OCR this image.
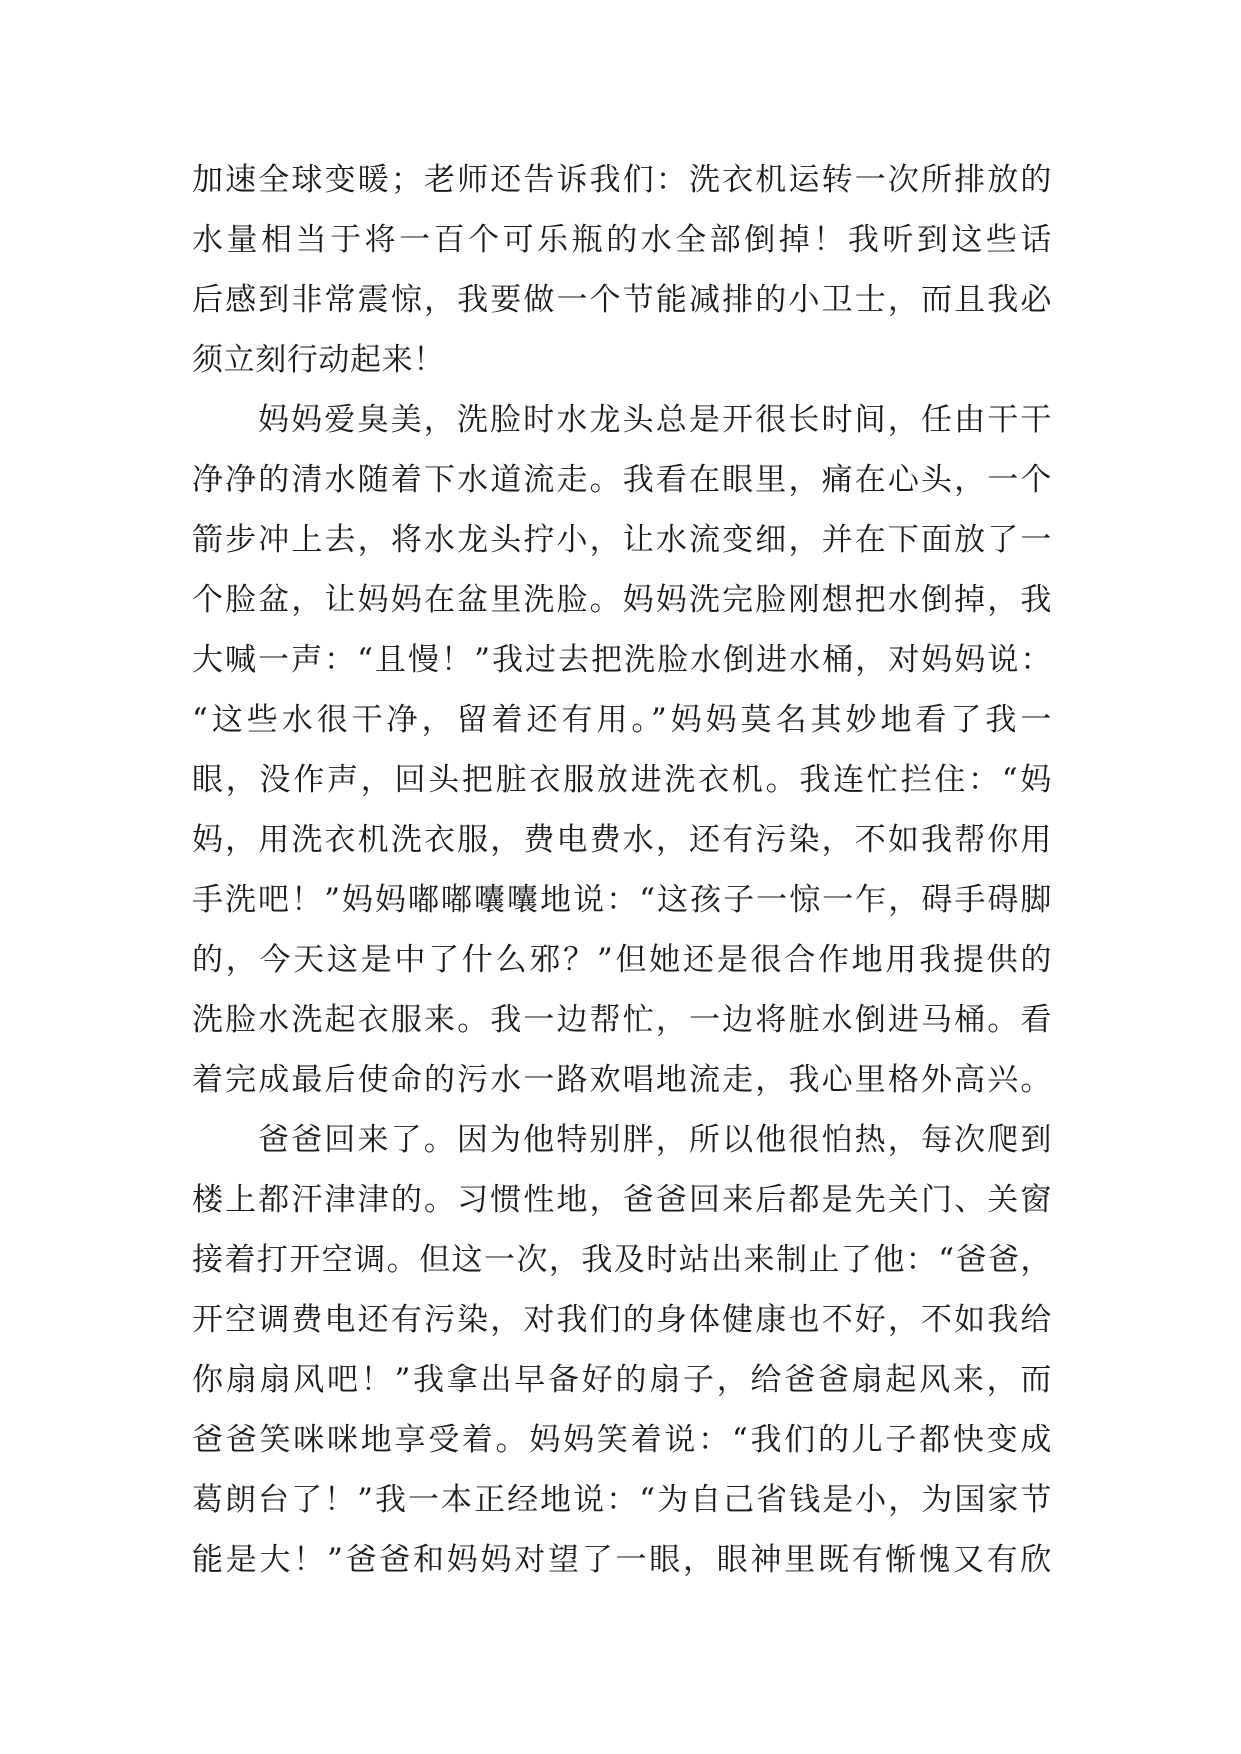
加速全球变暖；老师还告诉我们：洗衣机运转一次所排放的
水量相当于将一百个可乐瓶的水全部倒掉！我听到这些话
后感到非常震惊，我要做一个节能减排的小卫士，而且我必
须立刻行动起来！
妈妈爱臭美，洗脸时水龙头总是开很长时间，任由干干
净净的清水随着下水道流走。我看在眼里，痛在心头，一个
箭步冲上去，将水龙头拧小，让水流变细，并在下面放了一
个脸盆，让妈妈在盆里洗脸。妈妈洗完脸刚想把水倒掉，我
大喊一声：“且慢！”我过去把洗脸水倒进水桶，对妈妈说：
“这些水很干净，留着还有用。”妈妈莫名其妙地看了我一
眼，没作声，回头把脏衣服放进洗衣机。我连忙拦住：“妈
妈，用洗衣机洗衣服，费电费水，还有污染，不如我帮你用
手洗吧！”妈妈嘟嘟囔囔地说：“这孩子一惊一乍，碍手碍脚
的，今天这是中了什么邪？”但她还是很合作地用我提供的
洗脸水洗起衣服来。我一边帮忙，一边将脏水倒进马桶。看
着完成最后使命的污水一路欢唱地流走，我心里格外高兴。
爸爸回来了。因为他特别胖，所以他很怕热，每次爬到
楼上都汗津津的。习惯性地，爸爸回来后都是先关门、关窗
接着打开空调。但这一次，我及时站出来制止了他：“爸爸，
开空调费电还有污染，对我们的身体健康也不好，不如我给
你扇扇风吧！”我拿出早备好的扇子，给爸爸扇起风来，而
爸爸笑咪咪地享受着。妈妈笑着说：“我们的儿子都快变成
葛朗台了！”我一本正经地说：“为自己省钱是小，为国家节
能是大！”爸爸和妈妈对望了一眼，眼神里既有惭愧又有欣
